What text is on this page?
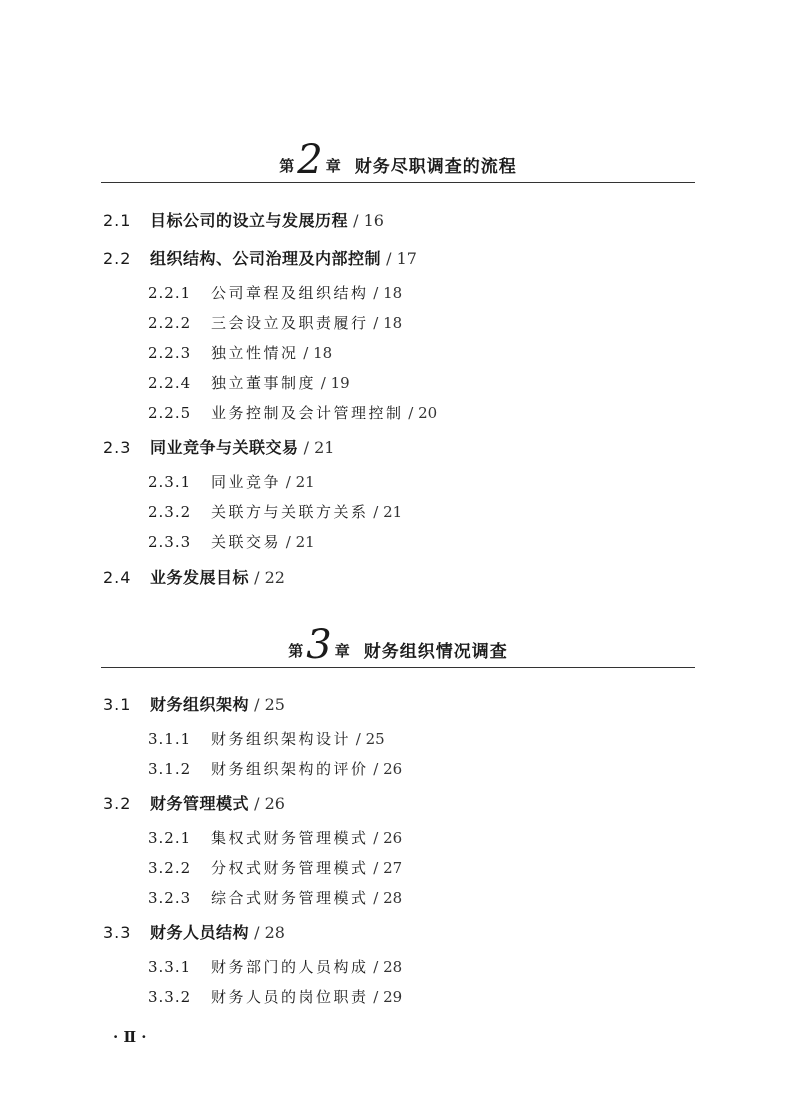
第 2 章 财务尽职调查的流程
2.1 目标公司的设立与发展历程 / 16
2.2 组织结构、公司治理及内部控制 / 17
2.2.1 公司章程及组织结构 / 18
2.2.2 三会设立及职责履行 / 18
2.2.3 独立性情况 / 18
2.2.4 独立董事制度 / 19
2.2.5 业务控制及会计管理控制 / 20
2.3 同业竞争与关联交易 / 21
2.3.1 同业竞争 / 21
2.3.2 关联方与关联方关系 / 21
2.3.3 关联交易 / 21
2.4 业务发展目标 / 22
第 3 章 财务组织情况调查
3.1 财务组织架构 / 25
3.1.1 财务组织架构设计 / 25
3.1.2 财务组织架构的评价 / 26
3.2 财务管理模式 / 26
3.2.1 集权式财务管理模式 / 26
3.2.2 分权式财务管理模式 / 27
3.2.3 综合式财务管理模式 / 28
3.3 财务人员结构 / 28
3.3.1 财务部门的人员构成 / 28
3.3.2 财务人员的岗位职责 / 29
· Ⅱ ·
